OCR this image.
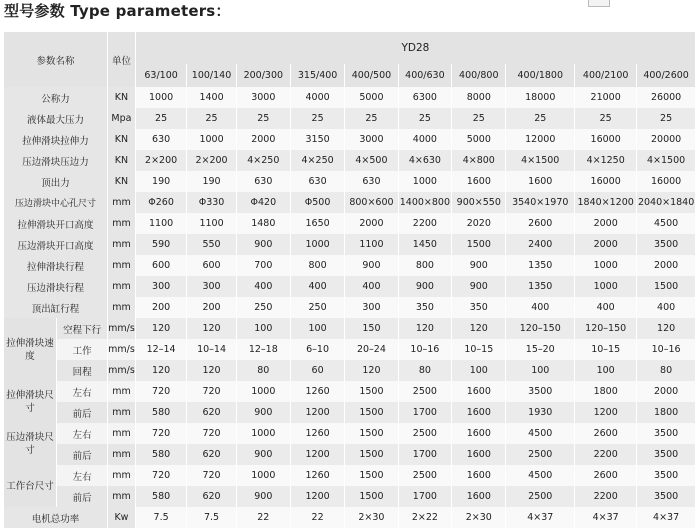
型号参数 Type parameters：
参数名称		单位	YD28									
			63/100	100/140	200/300	315/400	400/500	400/630	400/800	400/1800	400/2100	400/2600
公称力		KN	1000	1400	3000	4000	5000	6300	8000	18000	21000	26000
液体最大压力		Mpa	25	25	25	25	25	25	25	25	25	25
拉伸滑块拉伸力		KN	630	1000	2000	3150	3000	4000	5000	12000	16000	20000
压边滑块压边力		KN	2×200	2×200	4×250	4×250	4×500	4×630	4×800	4×1500	4×1250	4×1500
顶出力		KN	190	190	630	630	630	1000	1600	1600	16000	16000
压边滑块中心孔尺寸		mm	Φ260	Φ330	Φ420	Φ500	800×600	1400×800	900×550	3540×1970	1840×1200	2040×1840
拉伸滑块开口高度		mm	1100	1100	1480	1650	2000	2200	2020	2600	2000	4500
压边滑块开口高度		mm	590	550	900	1000	1100	1450	1500	2400	2000	3500
拉伸滑块行程		mm	600	600	700	800	900	800	900	1350	1000	2000
压边滑块行程		mm	300	300	400	400	400	900	900	1350	1000	1500
顶出缸行程		mm	200	200	250	250	300	350	350	400	400	400
拉伸滑块速度	空程下行	mm/s	120	120	100	100	150	120	120	120–150	120–150	120
	工作	mm/s	12–14	10–14	12–18	6–10	20–24	10–16	10–15	15–20	10–15	10–16
	回程	mm/s	120	120	80	60	120	80	100	100	100	80
拉伸滑块尺寸	左右	mm	720	720	1000	1260	1500	2500	1600	3500	1800	2000
	前后	mm	580	620	900	1200	1500	1700	1600	1930	1200	1800
压边滑块尺寸	左右	mm	720	720	1000	1260	1500	2500	1600	4500	2600	3500
	前后	mm	580	620	900	1200	1500	1700	1600	2500	2200	3500
工作台尺寸	左右	mm	720	720	1000	1260	1500	2500	1600	4500	2600	3500
	前后	mm	580	620	900	1200	1500	1700	1600	2500	2200	3500
电机总功率		Kw	7.5	7.5	22	22	2×30	2×22	2×30	4×37	4×37	4×37
